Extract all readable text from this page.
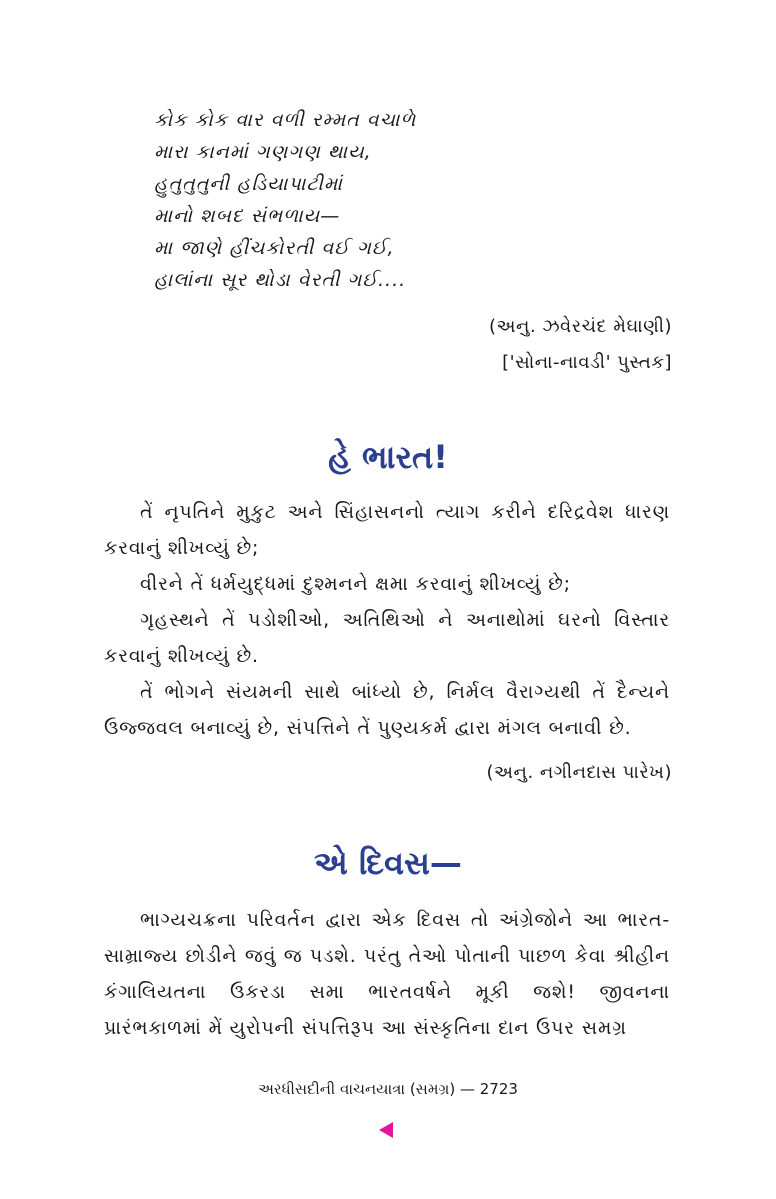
કોક કોક વાર વળી રમ્મત વચાળે
મારા કાનમાં ગણગણ થાય,
હુતુતુતુની હડિયાપાટીમાં
માનો શબદ સંભળાય—
મા જાણે હીંચકોરતી વઈ ગઈ,
હાલાંના સૂર થોડા વેરતી ગઈ....
(અનુ. ઝવેરચંદ મેઘાણી)
['સોના-નાવડી' પુસ્તક]
હે ભારત!

તેં નૃપતિને મુકુટ અને સિંહાસનનો ત્યાગ કરીને દરિદ્રવેશ ધારણ કરવાનું શીખવ્યું છે;

વીરને તેં ધર્મયુદ્ધમાં દુશ્મનને ક્ષમા કરવાનું શીખવ્યું છે;

ગૃહસ્થને તેં પડોશીઓ, અતિથિઓ ને અનાથોમાં ઘરનો વિસ્તાર કરવાનું શીખવ્યું છે.

તેં ભોગને સંયમની સાથે બાંધ્યો છે, નિર્મલ વૈરાગ્યથી તેં દૈન્યને ઉજ્જવલ બનાવ્યું છે, સંપત્તિને તેં પુણ્યકર્મ દ્વારા મંગલ બનાવી છે.

(અનુ. નગીનદાસ પારેખ)
એ દિવસ—

ભાગ્યચક્રના પરિવર્તન દ્વારા એક દિવસ તો અંગ્રેજોને આ ભારત-સામ્રાજ્ય છોડીને જવું જ પડશે. પરંતુ તેઓ પોતાની પાછળ કેવા શ્રીહીન કંગાલિયતના ઉકરડા સમા ભારતવર્ષને મૂકી જશે! જીવનના પ્રારંભકાળમાં મેં યુરોપની સંપત્તિરૂપ આ સંસ્કૃતિના દાન ઉપર સમગ્ર

અરધીસદીની વાચનયાત્રા (સમગ્ર) — 2723
